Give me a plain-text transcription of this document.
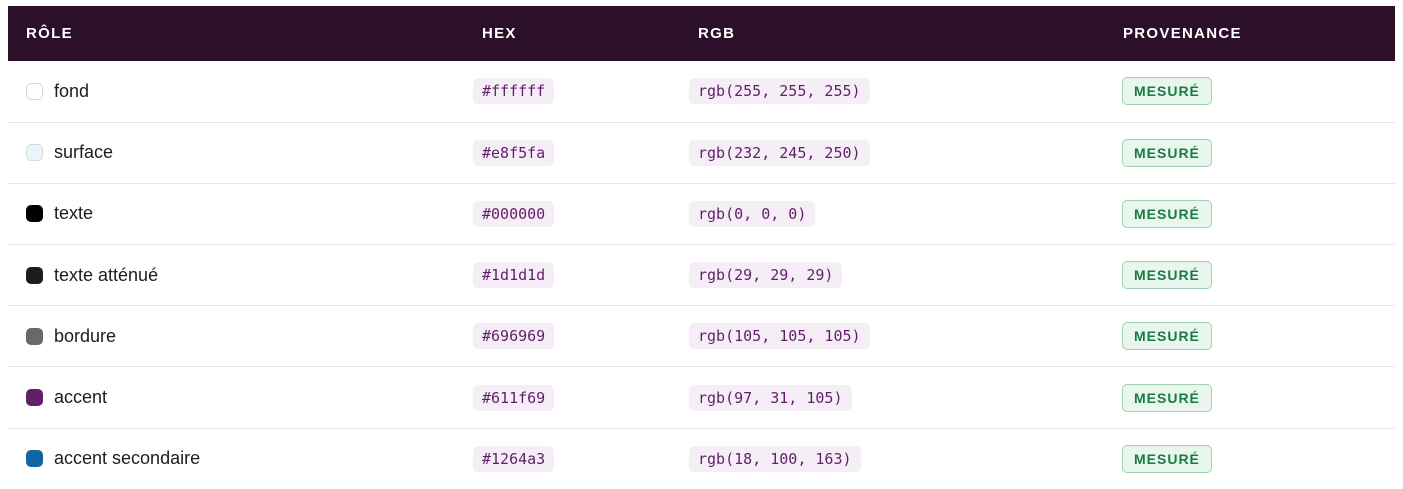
RÔLE	HEX	RGB	PROVENANCE

fond	#ffffff	rgb(255, 255, 255)	MESURÉ

surface	#e8f5fa	rgb(232, 245, 250)	MESURÉ

texte	#000000	rgb(0, 0, 0)	MESURÉ

texte atténué	#1d1d1d	rgb(29, 29, 29)	MESURÉ

bordure	#696969	rgb(105, 105, 105)	MESURÉ

accent	#611f69	rgb(97, 31, 105)	MESURÉ

accent secondaire	#1264a3	rgb(18, 100, 163)	MESURÉ
